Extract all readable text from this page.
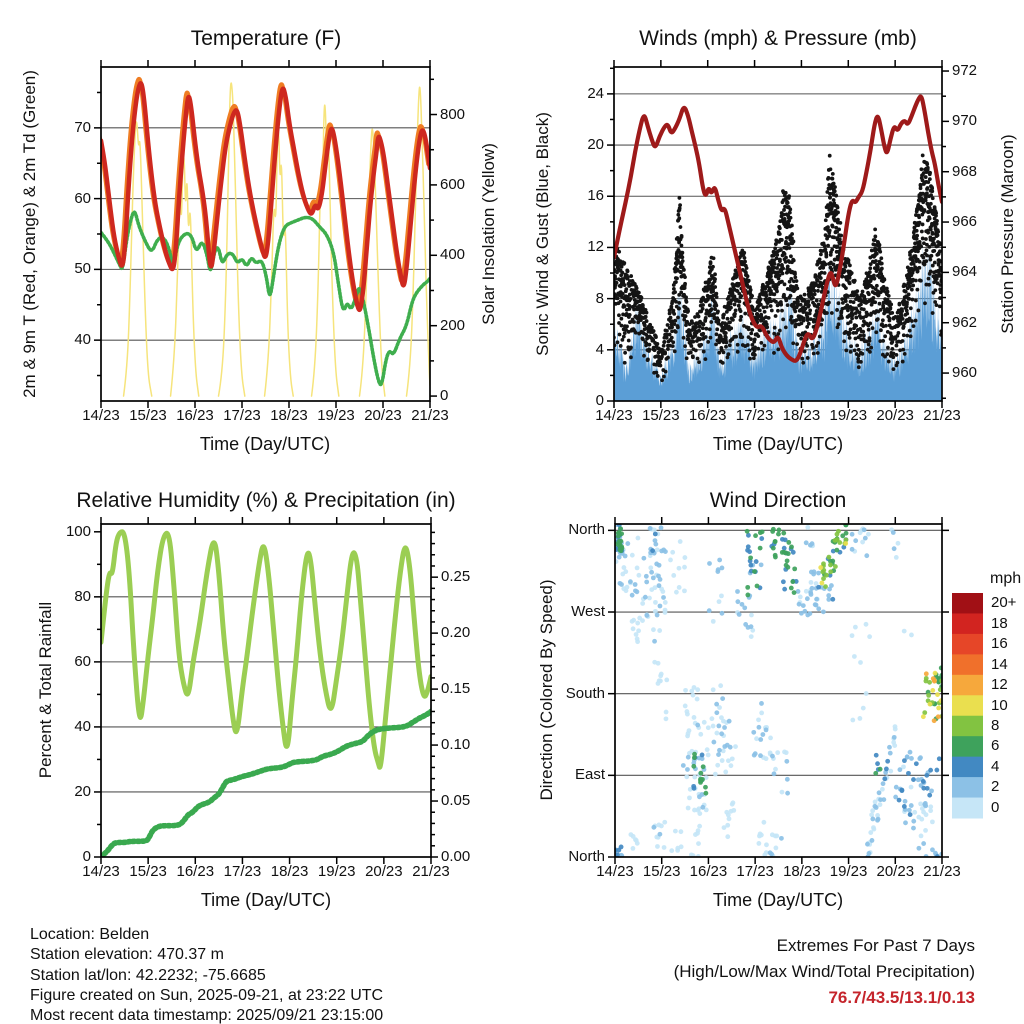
Temperature (F)	Winds (mph) & Pressure (mb)
Relative Humidity (%) & Precipitation (in)	Wind Direction
Time (Day/UTC)	Time (Day/UTC)
Time (Day/UTC)	Time (Day/UTC)
2m & 9m T (Red, Orange) & 2m Td (Green)	Solar Insolation (Yellow) Sonic Wind & Gust (Blue, Black)	Station Pressure (Maroon)
Percent & Total Rainfall	Direction (Colored By Speed)
mph
Location: Belden
Station elevation: 470.37 m
Station lat/lon: 42.2232; -75.6685
Figure created on Sun, 2025-09-21, at 23:22 UTC
Most recent data timestamp: 2025/09/21 23:15:00
Extremes For Past 7 Days
(High/Low/Max Wind/Total Precipitation)
76.7/43.5/13.1/0.13
40
50
60
70
0
200
400
600
800
14/23 15/23 16/23 17/23 18/23 19/23 20/23 21/23
0
4
8
12
16
20
24
960
962
964
966
968
970
972
14/23 15/23 16/23 17/23 18/23 19/23 20/23 21/23
0
20
40
60
80
100
0.00
0.05
0.10
0.15
0.20
0.25
14/23 15/23 16/23 17/23 18/23 19/23 20/23 21/23
North
West
South
East
North
14/23 15/23 16/23 17/23 18/23 19/23 20/23 21/23
20+
18
16
14
12
10
8
6
4
2
0
